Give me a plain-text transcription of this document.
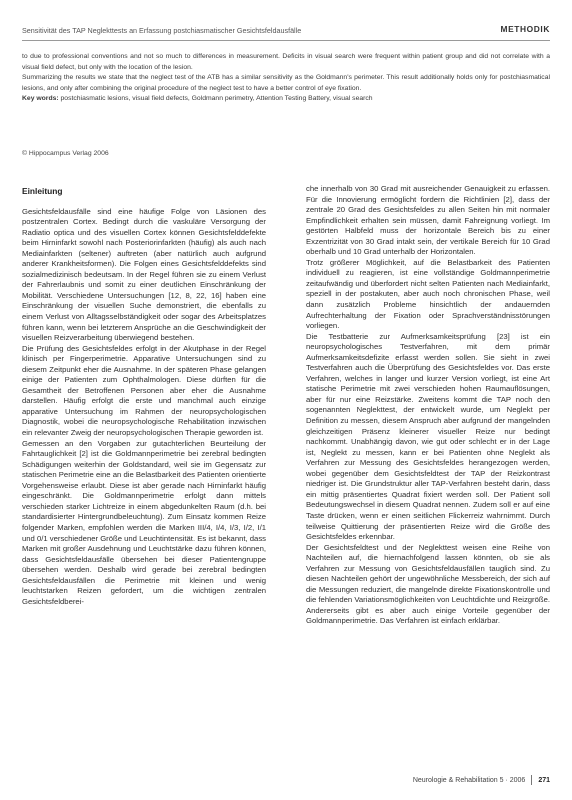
Sensitivität des TAP Neglekttests an Erfassung postchiasmatischer Gesichtsfeldausfälle	METHODIK

to due to professional conventions and not so much to differences in measurement. Deficits in visual search were frequent within patient group and did not correlate with a visual field defect, but only with the location of the lesion.

Summarizing the results we state that the neglect test of the ATB has a similar sensitivity as the Goldmann's perimeter. This result additionally holds only for postchiasmatical lesions, and only after combining the original procedure of the neglect test to have a better control of eye fixation.

Key words: postchiasmatic lesions, visual field defects, Goldmann perimetry, Attention Testing Battery, visual search

© Hippocampus Verlag 2006
Einleitung

Gesichtsfeldausfälle sind eine häufige Folge von Läsionen des postzentralen Cortex. Bedingt durch die vaskuläre Versorgung der Radiatio optica und des visuellen Cortex können Gesichtsfelddefekte beim Hirninfarkt sowohl nach Posteriorinfarkten (häufig) als auch nach Mediainfarkten (seltener) auftreten (aber natürlich auch aufgrund anderer Krankheitsformen). Die Folgen eines Gesichtsfelddefekts sind sozialmedizinisch bedeutsam. In der Regel führen sie zu einem Verlust der Fahrerlaubnis und somit zu einer deutlichen Einschränkung der Mobilität. Verschiedene Untersuchungen [12, 8, 22, 16] haben eine Einschränkung der visuellen Suche demonstriert, die ebenfalls zu einem Verlust von Alltagsselbständigkeit oder sogar des Arbeitsplatzes führen kann, wenn bei letzterem Ansprüche an die Geschwindigkeit der visuellen Reizverarbeitung überwiegend bestehen.

Die Prüfung des Gesichtsfeldes erfolgt in der Akutphase in der Regel klinisch per Fingerperimetrie. Apparative Untersuchungen sind zu diesem Zeitpunkt eher die Ausnahme. In der späteren Phase gelangen einige der Patienten zum Ophthalmologen. Diese dürften für die Gesamtheit der Betroffenen Personen aber eher die Ausnahme darstellen. Häufig erfolgt die erste und manchmal auch einzige apparative Untersuchung im Rahmen der neuropsychologischen Diagnostik, wobei die neuropsychologische Rehabilitation inzwischen ein relevanter Zweig der neuropsychologischen Therapie geworden ist.

Gemessen an den Vorgaben zur gutachterlichen Beurteilung der Fahrtauglichkeit [2] ist die Goldmannperimetrie bei zerebral bedingten Schädigungen weiterhin der Goldstandard, weil sie im Gegensatz zur statischen Perimetrie eine an die Belastbarkeit des Patienten orientierte Vorgehensweise erlaubt. Diese ist aber gerade nach Hirninfarkt häufig eingeschränkt. Die Goldmannperimetrie erfolgt dann mittels verschieden starker Lichtreize in einem abgedunkelten Raum (d.h. bei standardisierter Hintergrundbeleuchtung). Zum Einsatz kommen Reize folgender Marken, empfohlen werden die Marken III/4, I/4, I/3, I/2, I/1 und 0/1 verschiedener Größe und Leuchtintensität. Es ist bekannt, dass Marken mit großer Ausdehnung und Leuchtstärke dazu führen können, dass Gesichtsfeldausfälle übersehen bei dieser Patientengruppe übersehen werden. Deshalb wird gerade bei zerebral bedingten Gesichtsfeldausfällen die Perimetrie mit kleinen und wenig leuchtstarken Reizen gefordert, um die wichtigen zentralen Gesichtsfeldberei-

che innerhalb von 30 Grad mit ausreichender Genauigkeit zu erfassen. Für die Innovierung ermöglicht fordern die Richtlinien [2], dass der zentrale 20 Grad des Gesichtsfeldes zu allen Seiten hin mit normaler Empfindlichkeit erhalten sein müssen, damit Fahreignung vorliegt. Im gestörten Halbfeld muss der horizontale Bereich bis zu einer Exzentrizität von 30 Grad intakt sein, der vertikale Bereich für 10 Grad oberhalb und 10 Grad unterhalb der Horizontalen.

Trotz größerer Möglichkeit, auf die Belastbarkeit des Patienten individuell zu reagieren, ist eine vollständige Goldmannperimetrie zeitaufwändig und überfordert nicht selten Patienten nach Mediainfarkt, speziell in der postakuten, aber auch noch chronischen Phase, weil dann zusätzlich Probleme hinsichtlich der andauernden Aufrechterhaltung der Fixation oder Sprachverständnisstörungen vorliegen.

Die Testbatterie zur Aufmerksamkeitsprüfung [23] ist ein neuropsychologisches Testverfahren, mit dem primär Aufmerksamkeitsdefizite erfasst werden sollen. Sie sieht in zwei Testverfahren auch die Überprüfung des Gesichtsfeldes vor. Das erste Verfahren, welches in langer und kurzer Version vorliegt, ist eine Art statische Perimetrie mit zwei verschieden hohen Raumauflösungen, aber für nur eine Reizstärke. Zweitens kommt die TAP noch den sogenannten Neglekttest, der entwickelt wurde, um Neglekt per Definition zu messen, diesem Anspruch aber aufgrund der mangelnden gleichzeitigen Präsenz kleinerer visueller Reize nur bedingt nachkommt. Unabhängig davon, wie gut oder schlecht er in der Lage ist, Neglekt zu messen, kann er bei Patienten ohne Neglekt als Verfahren zur Messung des Gesichtsfeldes herangezogen werden, wobei gegenüber dem Gesichtsfeldtest der TAP der Reizkontrast niedriger ist. Die Grundstruktur aller TAP-Verfahren besteht darin, dass ein mittig präsentiertes Quadrat fixiert werden soll. Der Patient soll Bedeutungswechsel in diesem Quadrat nennen. Zudem soll er auf eine Taste drücken, wenn er einen seitlichen Flickerreiz wahrnimmt. Durch teilweise Quittierung der präsentierten Reize wird die Größe des Gesichtsfeldes erkennbar.

Der Gesichtsfeldtest und der Neglekttest weisen eine Reihe von Nachteilen auf, die hiernachfolgend lassen könnten, ob sie als Verfahren zur Messung von Gesichtsfeldausfällen tauglich sind. Zu diesen Nachteilen gehört der ungewöhnliche Messbereich, der sich auf die Messungen reduziert, die mangelnde direkte Fixationskontrolle und die fehlenden Variationsmöglichkeiten von Leuchtdichte und Reizgröße. Andererseits gibt es aber auch einige Vorteile gegenüber der Goldmannperimetrie. Das Verfahren ist einfach erklärbar.

Neurologie & Rehabilitation 5 · 2006 271
